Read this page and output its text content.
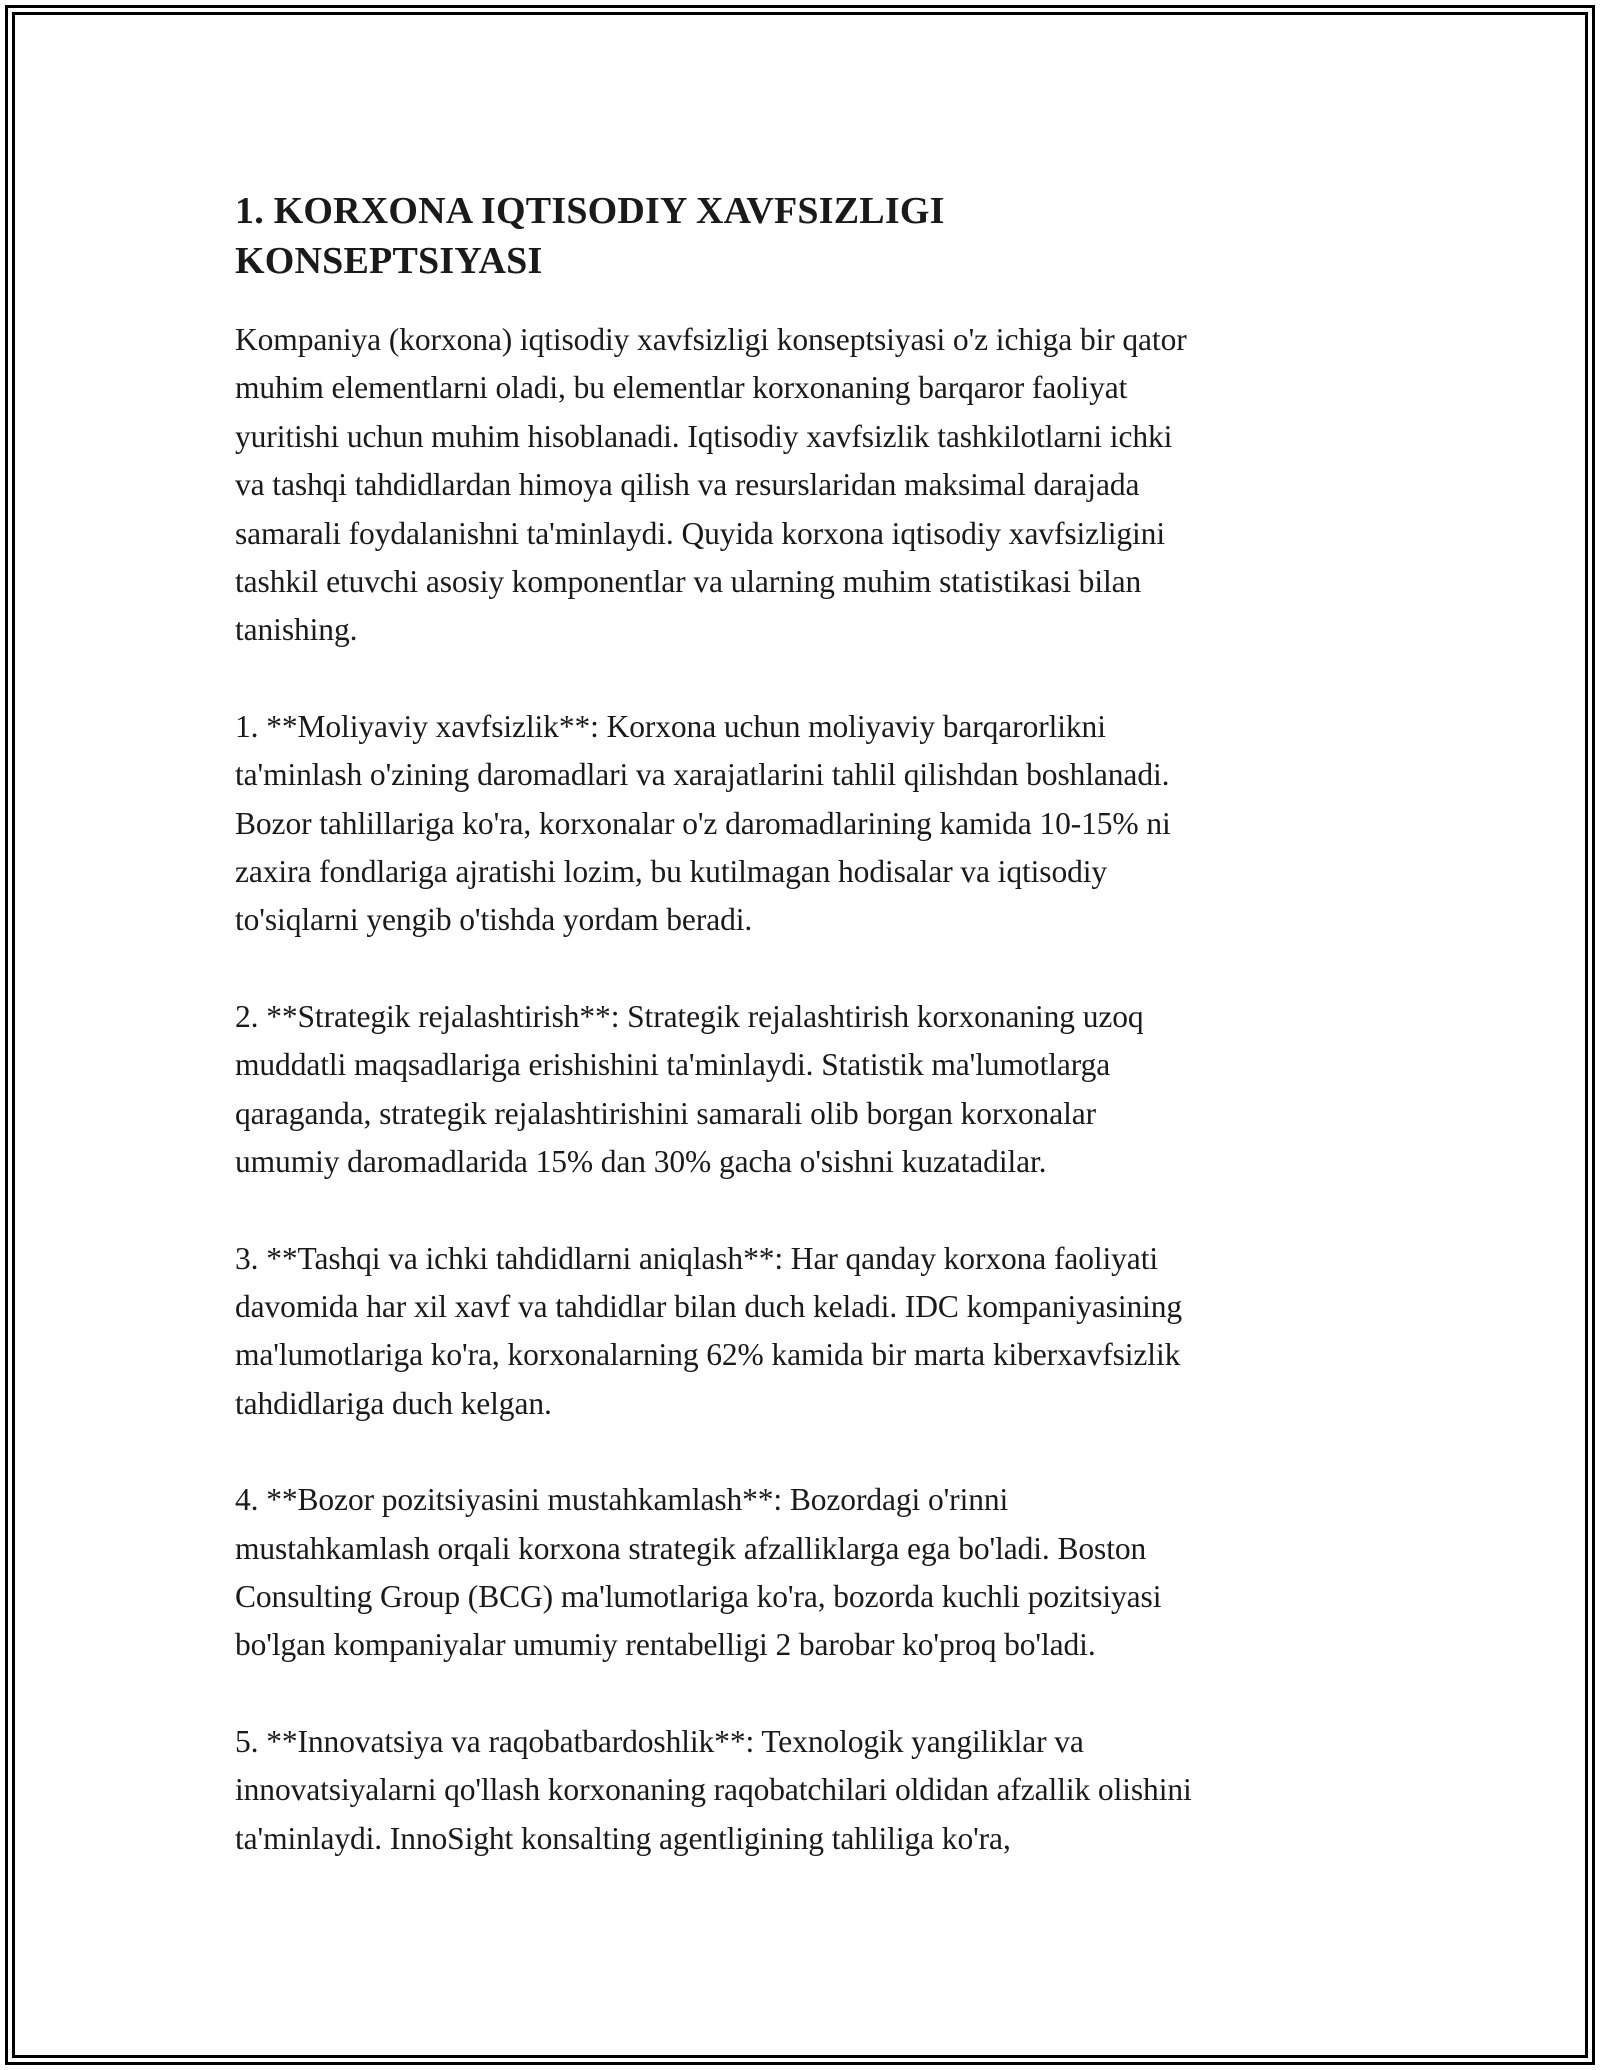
1. KORXONA IQTISODIY XAVFSIZLIGI
KONSEPTSIYASI

Kompaniya (korxona) iqtisodiy xavfsizligi konseptsiyasi o'z ichiga bir qator
muhim elementlarni oladi, bu elementlar korxonaning barqaror faoliyat
yuritishi uchun muhim hisoblanadi. Iqtisodiy xavfsizlik tashkilotlarni ichki
va tashqi tahdidlardan himoya qilish va resurslaridan maksimal darajada
samarali foydalanishni ta'minlaydi. Quyida korxona iqtisodiy xavfsizligini
tashkil etuvchi asosiy komponentlar va ularning muhim statistikasi bilan
tanishing.

1. **Moliyaviy xavfsizlik**: Korxona uchun moliyaviy barqarorlikni
ta'minlash o'zining daromadlari va xarajatlarini tahlil qilishdan boshlanadi.
Bozor tahlillariga ko'ra, korxonalar o'z daromadlarining kamida 10-15% ni
zaxira fondlariga ajratishi lozim, bu kutilmagan hodisalar va iqtisodiy
to'siqlarni yengib o'tishda yordam beradi.

2. **Strategik rejalashtirish**: Strategik rejalashtirish korxonaning uzoq
muddatli maqsadlariga erishishini ta'minlaydi. Statistik ma'lumotlarga
qaraganda, strategik rejalashtirishini samarali olib borgan korxonalar
umumiy daromadlarida 15% dan 30% gacha o'sishni kuzatadilar.

3. **Tashqi va ichki tahdidlarni aniqlash**: Har qanday korxona faoliyati
davomida har xil xavf va tahdidlar bilan duch keladi. IDC kompaniyasining
ma'lumotlariga ko'ra, korxonalarning 62% kamida bir marta kiberxavfsizlik
tahdidlariga duch kelgan.

4. **Bozor pozitsiyasini mustahkamlash**: Bozordagi o'rinni
mustahkamlash orqali korxona strategik afzalliklarga ega bo'ladi. Boston
Consulting Group (BCG) ma'lumotlariga ko'ra, bozorda kuchli pozitsiyasi
bo'lgan kompaniyalar umumiy rentabelligi 2 barobar ko'proq bo'ladi.

5. **Innovatsiya va raqobatbardoshlik**: Texnologik yangiliklar va
innovatsiyalarni qo'llash korxonaning raqobatchilari oldidan afzallik olishini
ta'minlaydi. InnoSight konsalting agentligining tahliliga ko'ra,
